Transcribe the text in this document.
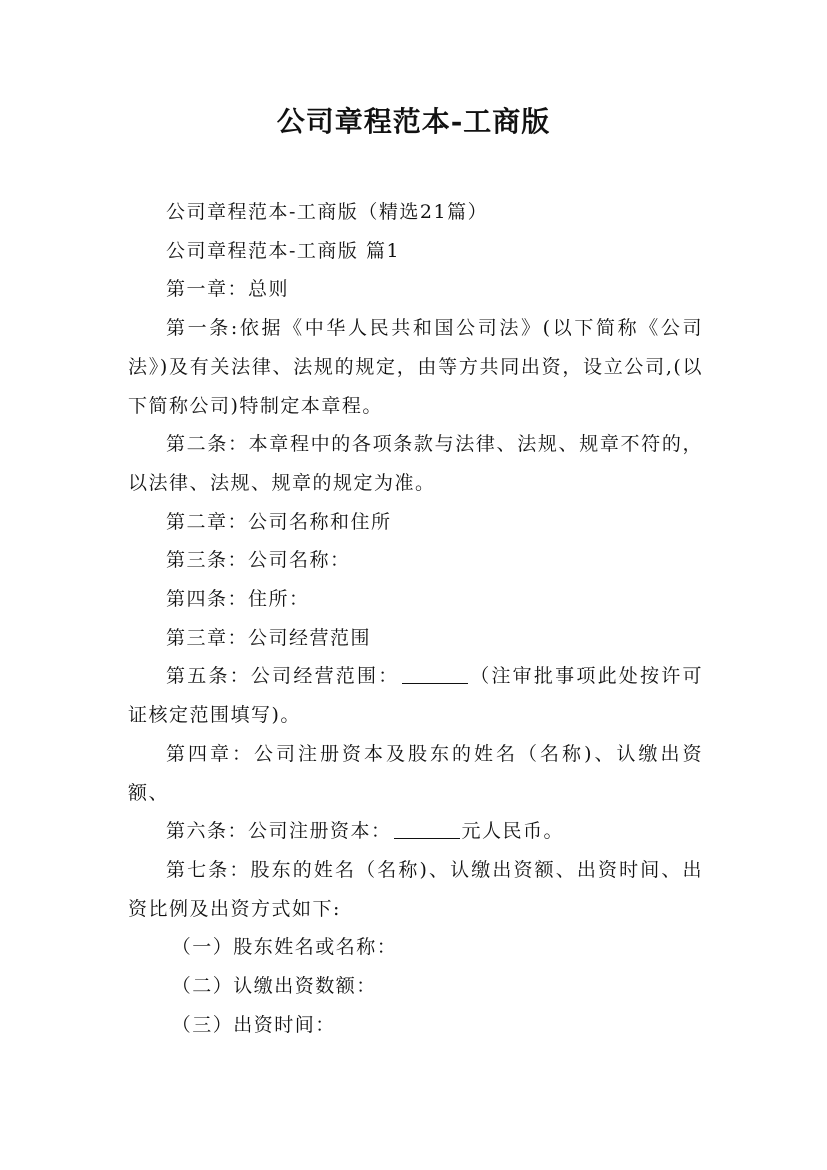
公司章程范本-工商版

公司章程范本-工商版（精选21篇）

公司章程范本-工商版 篇1

第一章：总则

第一条:依据《中华人民共和国公司法》(以下简称《公司法》)及有关法律、法规的规定，由等方共同出资，设立公司,(以下简称公司)特制定本章程。

第二条：本章程中的各项条款与法律、法规、规章不符的，以法律、法规、规章的规定为准。

第二章：公司名称和住所

第三条：公司名称：

第四条：住所：

第三章：公司经营范围

第五条：公司经营范围：	（注审批事项此处按许可证核定范围填写)。

第四章：公司注册资本及股东的姓名（名称)、认缴出资额、

第六条：公司注册资本：	元人民币。

第七条：股东的姓名（名称)、认缴出资额、出资时间、出资比例及出资方式如下:

（一）股东姓名或名称：

（二）认缴出资数额：

（三）出资时间：
